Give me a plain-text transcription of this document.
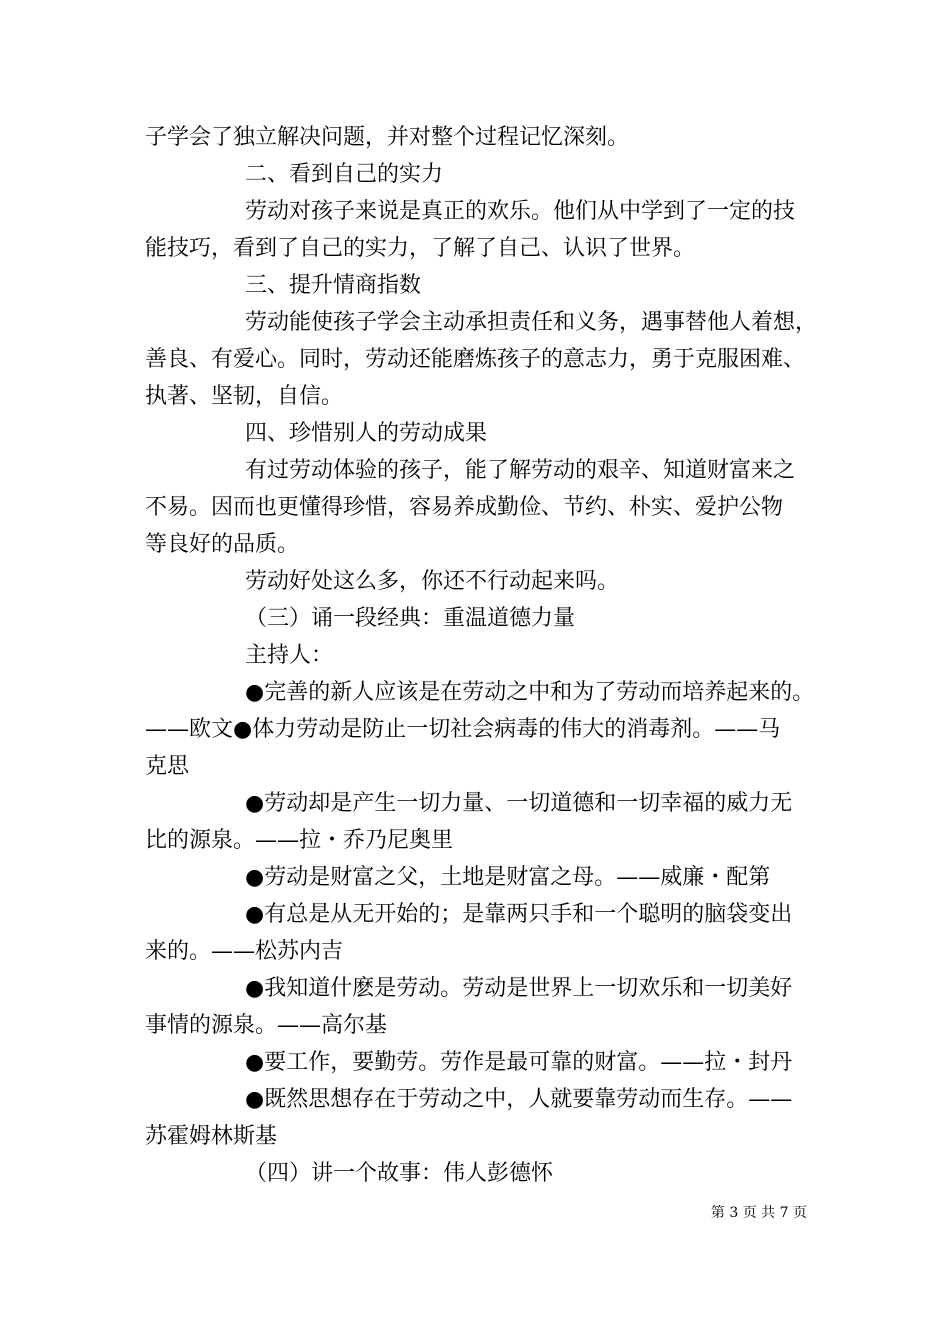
子学会了独立解决问题，并对整个过程记忆深刻。
二、看到自己的实力
劳动对孩子来说是真正的欢乐。他们从中学到了一定的技
能技巧，看到了自己的实力，了解了自己、认识了世界。
三、提升情商指数
劳动能使孩子学会主动承担责任和义务，遇事替他人着想，
善良、有爱心。同时，劳动还能磨炼孩子的意志力，勇于克服困难、
执著、坚韧，自信。
四、珍惜别人的劳动成果
有过劳动体验的孩子，能了解劳动的艰辛、知道财富来之
不易。因而也更懂得珍惜，容易养成勤俭、节约、朴实、爱护公物
等良好的品质。
劳动好处这么多，你还不行动起来吗。
（三）诵一段经典：重温道德力量
主持人：
●完善的新人应该是在劳动之中和为了劳动而培养起来的。
——欧文●体力劳动是防止一切社会病毒的伟大的消毒剂。——马
克思
●劳动却是产生一切力量、一切道德和一切幸福的威力无
比的源泉。——拉・乔乃尼奥里
●劳动是财富之父，土地是财富之母。——威廉・配第
●有总是从无开始的；是靠两只手和一个聪明的脑袋变出
来的。——松苏内吉
●我知道什麽是劳动。劳动是世界上一切欢乐和一切美好
事情的源泉。——高尔基
●要工作，要勤劳。劳作是最可靠的财富。——拉・封丹
●既然思想存在于劳动之中，人就要靠劳动而生存。——
苏霍姆林斯基
（四）讲一个故事：伟人彭德怀
第 3 页 共 7 页
